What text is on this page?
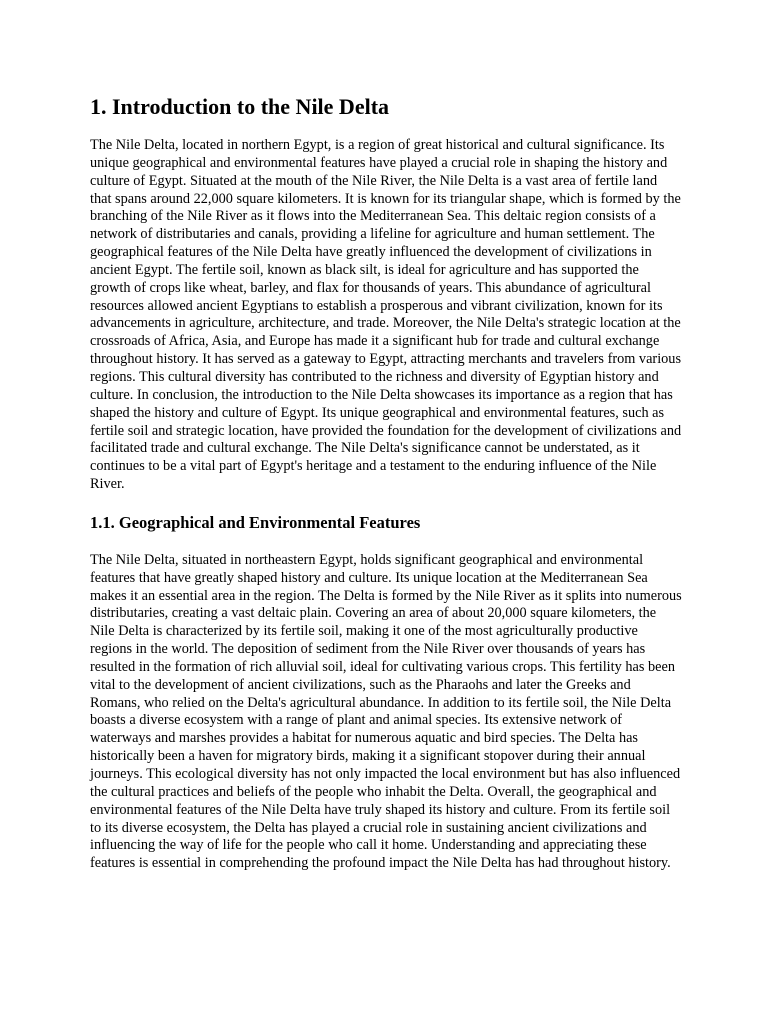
1. Introduction to the Nile Delta

The Nile Delta, located in northern Egypt, is a region of great historical and cultural significance. Its unique geographical and environmental features have played a crucial role in shaping the history and culture of Egypt. Situated at the mouth of the Nile River, the Nile Delta is a vast area of fertile land that spans around 22,000 square kilometers. It is known for its triangular shape, which is formed by the branching of the Nile River as it flows into the Mediterranean Sea. This deltaic region consists of a network of distributaries and canals, providing a lifeline for agriculture and human settlement. The geographical features of the Nile Delta have greatly influenced the development of civilizations in ancient Egypt. The fertile soil, known as black silt, is ideal for agriculture and has supported the growth of crops like wheat, barley, and flax for thousands of years. This abundance of agricultural resources allowed ancient Egyptians to establish a prosperous and vibrant civilization, known for its advancements in agriculture, architecture, and trade. Moreover, the Nile Delta's strategic location at the crossroads of Africa, Asia, and Europe has made it a significant hub for trade and cultural exchange throughout history. It has served as a gateway to Egypt, attracting merchants and travelers from various regions. This cultural diversity has contributed to the richness and diversity of Egyptian history and culture. In conclusion, the introduction to the Nile Delta showcases its importance as a region that has shaped the history and culture of Egypt. Its unique geographical and environmental features, such as fertile soil and strategic location, have provided the foundation for the development of civilizations and facilitated trade and cultural exchange. The Nile Delta's significance cannot be understated, as it continues to be a vital part of Egypt's heritage and a testament to the enduring influence of the Nile River.

1.1. Geographical and Environmental Features

The Nile Delta, situated in northeastern Egypt, holds significant geographical and environmental features that have greatly shaped history and culture. Its unique location at the Mediterranean Sea makes it an essential area in the region. The Delta is formed by the Nile River as it splits into numerous distributaries, creating a vast deltaic plain. Covering an area of about 20,000 square kilometers, the Nile Delta is characterized by its fertile soil, making it one of the most agriculturally productive regions in the world. The deposition of sediment from the Nile River over thousands of years has resulted in the formation of rich alluvial soil, ideal for cultivating various crops. This fertility has been vital to the development of ancient civilizations, such as the Pharaohs and later the Greeks and Romans, who relied on the Delta's agricultural abundance. In addition to its fertile soil, the Nile Delta boasts a diverse ecosystem with a range of plant and animal species. Its extensive network of waterways and marshes provides a habitat for numerous aquatic and bird species. The Delta has historically been a haven for migratory birds, making it a significant stopover during their annual journeys. This ecological diversity has not only impacted the local environment but has also influenced the cultural practices and beliefs of the people who inhabit the Delta. Overall, the geographical and environmental features of the Nile Delta have truly shaped its history and culture. From its fertile soil to its diverse ecosystem, the Delta has played a crucial role in sustaining ancient civilizations and influencing the way of life for the people who call it home. Understanding and appreciating these features is essential in comprehending the profound impact the Nile Delta has had throughout history.
